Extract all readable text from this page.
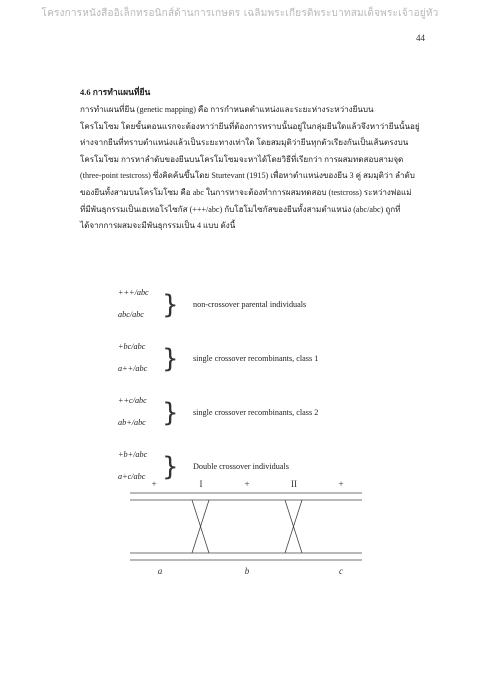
โครงการหนังสืออิเล็กทรอนิกส์ด้านการเกษตร เฉลิมพระเกียรติพระบาทสมเด็จพระเจ้าอยู่หัว
44
4.6 การทำแผนที่ยีน
การทำแผนที่ยีน (genetic mapping) คือ การกำหนดตำแหน่งและระยะห่างระหว่างยีนบน
โครโมโซม โดยขั้นตอนแรกจะต้องหาว่ายีนที่ต้องการทราบนั้นอยู่ในกลุ่มยีนใดแล้วจึงหาว่ายีนนั้นอยู่
ห่างจากยีนที่ทราบตำแหน่งแล้วเป็นระยะทางเท่าใด โดยสมมุติว่ายีนทุกตัวเรียงกันเป็นเส้นตรงบน
โครโมโซม การหาลำดับของยีนบนโครโมโซมจะหาได้โดยวิธีที่เรียกว่า การผสมทดสอบสามจุด
(three-point testcross) ซึ่งคิดค้นขึ้นโดย Sturtevant (1915) เพื่อหาตำแหน่งของยีน 3 คู่ สมมุติว่า ลำดับ
ของยีนทั้งสามบนโครโมโซม คือ abc ในการหาจะต้องทำการผสมทดสอบ (testcross) ระหว่างพ่อแม่
ที่มีพันธุกรรมเป็นเฮเทอโรไซกัส (+++/abc) กับโฮโมไซกัสของยีนทั้งสามตำแหน่ง (abc/abc) ถูกที่
ได้จากการผสมจะมีพันธุกรรมเป็น 4 แบบ ดังนี้
+++/abc
abc/abc } non-crossover parental individuals
+bc/abc
a++/abc } single crossover recombinants, class 1
++c/abc
ab+/abc } single crossover recombinants, class 2
+b+/abc
a+c/abc } Double crossover individuals
+	I	+	II	+
a	b	c
